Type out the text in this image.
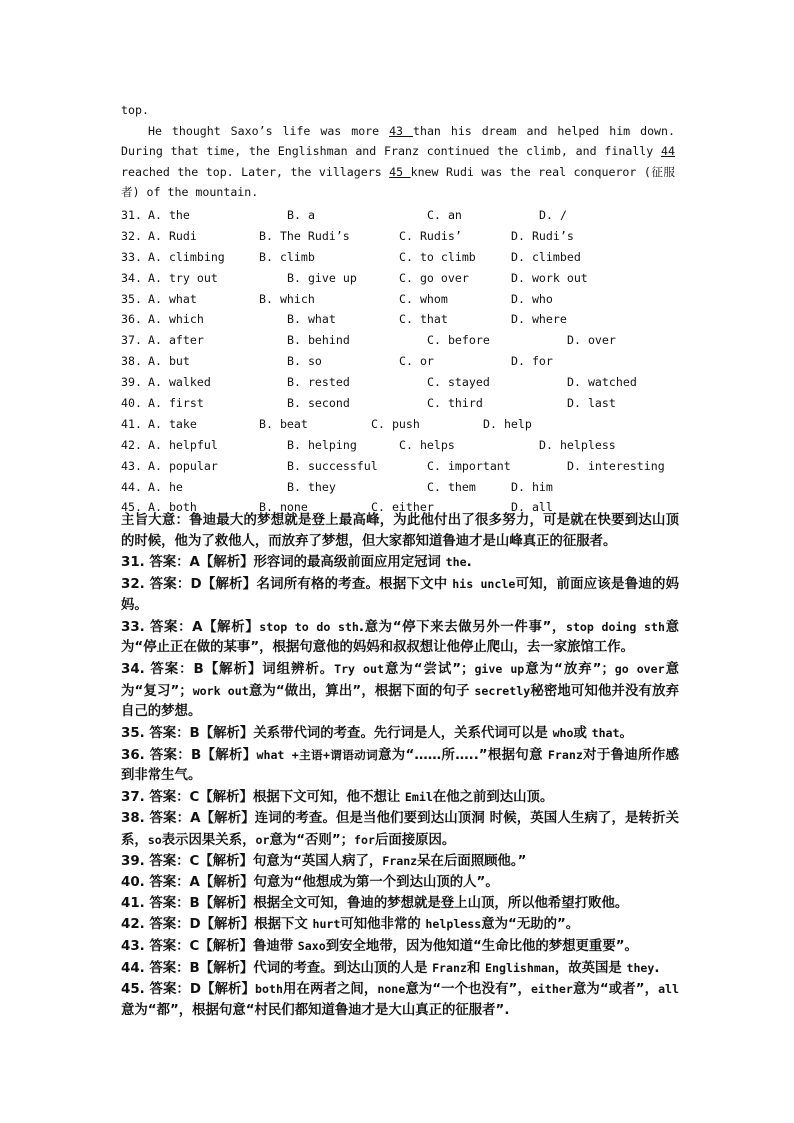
top.

He thought Saxo’s life was more 43 than his dream and helped him down. During that time, the Englishman and Franz continued the climb, and finally 44 reached the top. Later, the villagers 45 knew Rudi was the real conqueror (征服者) of the mountain.

31. A. the	B. a	C. an	D. /
32. A. Rudi	B. The Rudi’s	C. Rudis’	D. Rudi’s
33. A. climbing	B. climb	C. to climb	D. climbed
34. A. try out	B. give up	C. go over	D. work out
35. A. what	B. which	C. whom	D. who
36. A. which	B. what	C. that	D. where
37. A. after	B. behind	C. before	D. over
38. A. but	B. so	C. or	D. for
39. A. walked	B. rested	C. stayed	D. watched
40. A. first	B. second	C. third	D. last
41. A. take	B. beat	C. push	D. help
42. A. helpful	B. helping	C. helps	D. helpless
43. A. popular	B. successful	C. important	D. interesting
44. A. he	B. they	C. them	D. him
45. A. both	B. none	C. either	D. all

主旨大意：鲁迪最大的梦想就是登上最高峰，为此他付出了很多努力，可是就在快要到达山顶的时候，他为了救他人，而放弃了梦想，但大家都知道鲁迪才是山峰真正的征服者。

31. 答案：A【解析】形容词的最高级前面应用定冠词 the.

32. 答案：D【解析】名词所有格的考查。根据下文中 his uncle可知，前面应该是鲁迪的妈妈。

33. 答案：A【解析】stop to do sth.意为“停下来去做另外一件事”，stop doing sth意为“停止正在做的某事”，根据句意他的妈妈和叔叔想让他停止爬山，去一家旅馆工作。

34. 答案：B【解析】词组辨析。Try out意为“尝试”；give up意为“放弃”；go over意为“复习”；work out意为“做出，算出”，根据下面的句子 secretly秘密地可知他并没有放弃自己的梦想。

35. 答案：B【解析】关系带代词的考查。先行词是人，关系代词可以是 who或 that。

36. 答案：B【解析】what +主语+谓语动词意为“……所…..”根据句意 Franz对于鲁迪所作感到非常生气。

37. 答案：C【解析】根据下文可知，他不想让 Emil在他之前到达山顶。

38. 答案：A【解析】连词的考查。但是当他们要到达山顶洞 时候，英国人生病了，是转折关系，so表示因果关系，or意为“否则”；for后面接原因。

39. 答案：C【解析】句意为“英国人病了，Franz呆在后面照顾他。”

40. 答案：A【解析】句意为“他想成为第一个到达山顶的人”。

41. 答案：B【解析】根据全文可知，鲁迪的梦想就是登上山顶，所以他希望打败他。

42. 答案：D【解析】根据下文 hurt可知他非常的 helpless意为“无助的”。

43. 答案：C【解析】鲁迪带 Saxo到安全地带，因为他知道“生命比他的梦想更重要”。

44. 答案：B【解析】代词的考查。到达山顶的人是 Franz和 Englishman，故英国是 they.

45. 答案：D【解析】both用在两者之间，none意为“一个也没有”，either意为“或者”，all意为“都”，根据句意“村民们都知道鲁迪才是大山真正的征服者”.
